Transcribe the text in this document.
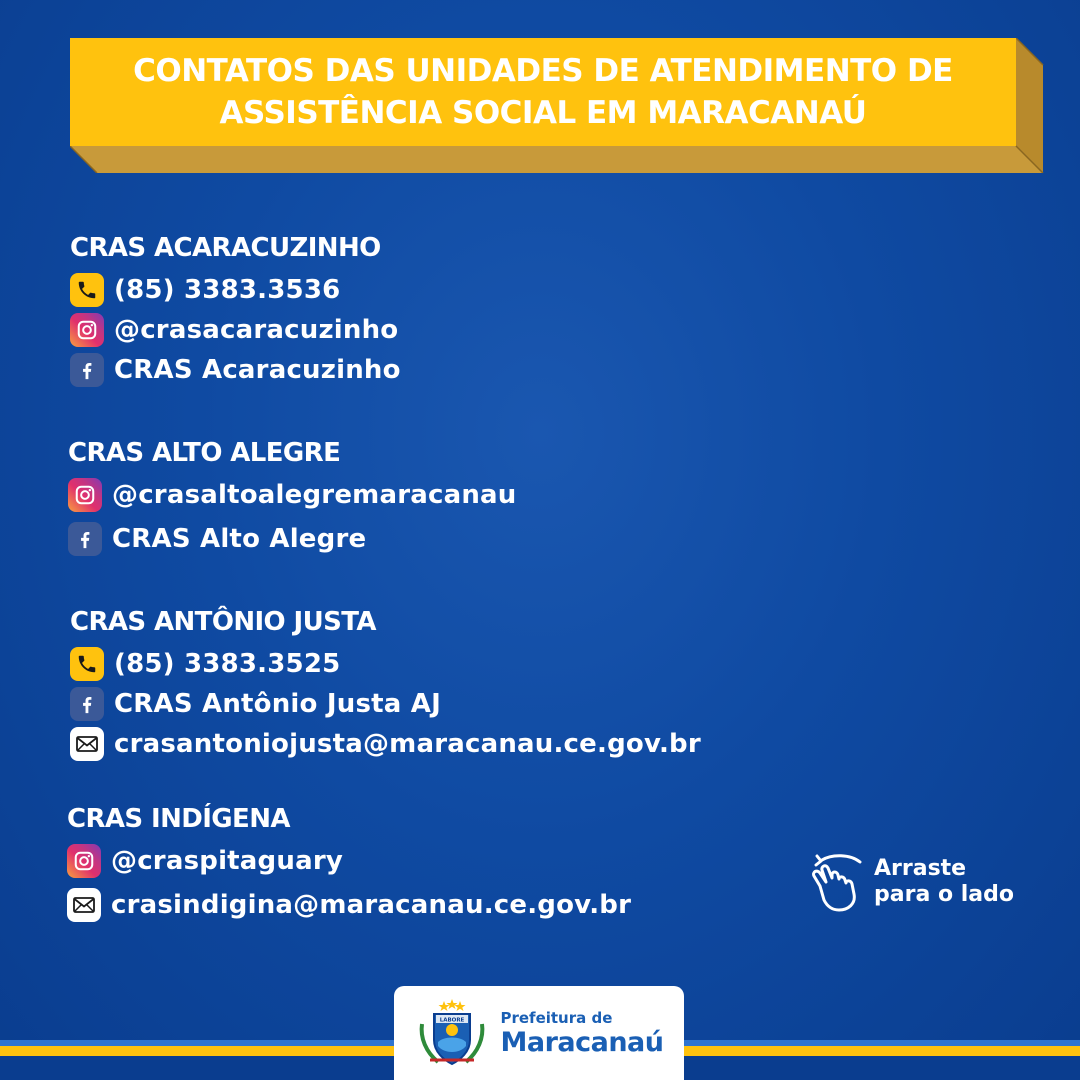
CONTATOS DAS UNIDADES DE ATENDIMENTO DE
ASSISTÊNCIA SOCIAL EM MARACANAÚ
CRAS ACARACUZINHO
(85) 3383.3536
@crasacaracuzinho
CRAS Acaracuzinho
CRAS ALTO ALEGRE
@crasaltoalegremaracanau
CRAS Alto Alegre
CRAS ANTÔNIO JUSTA
(85) 3383.3525
CRAS Antônio Justa AJ
crasantoniojusta@maracanau.ce.gov.br
CRAS INDÍGENA
@craspitaguary
crasindigina@maracanau.ce.gov.br
Arraste
para o lado
LABORE Prefeitura de
Maracanaú
